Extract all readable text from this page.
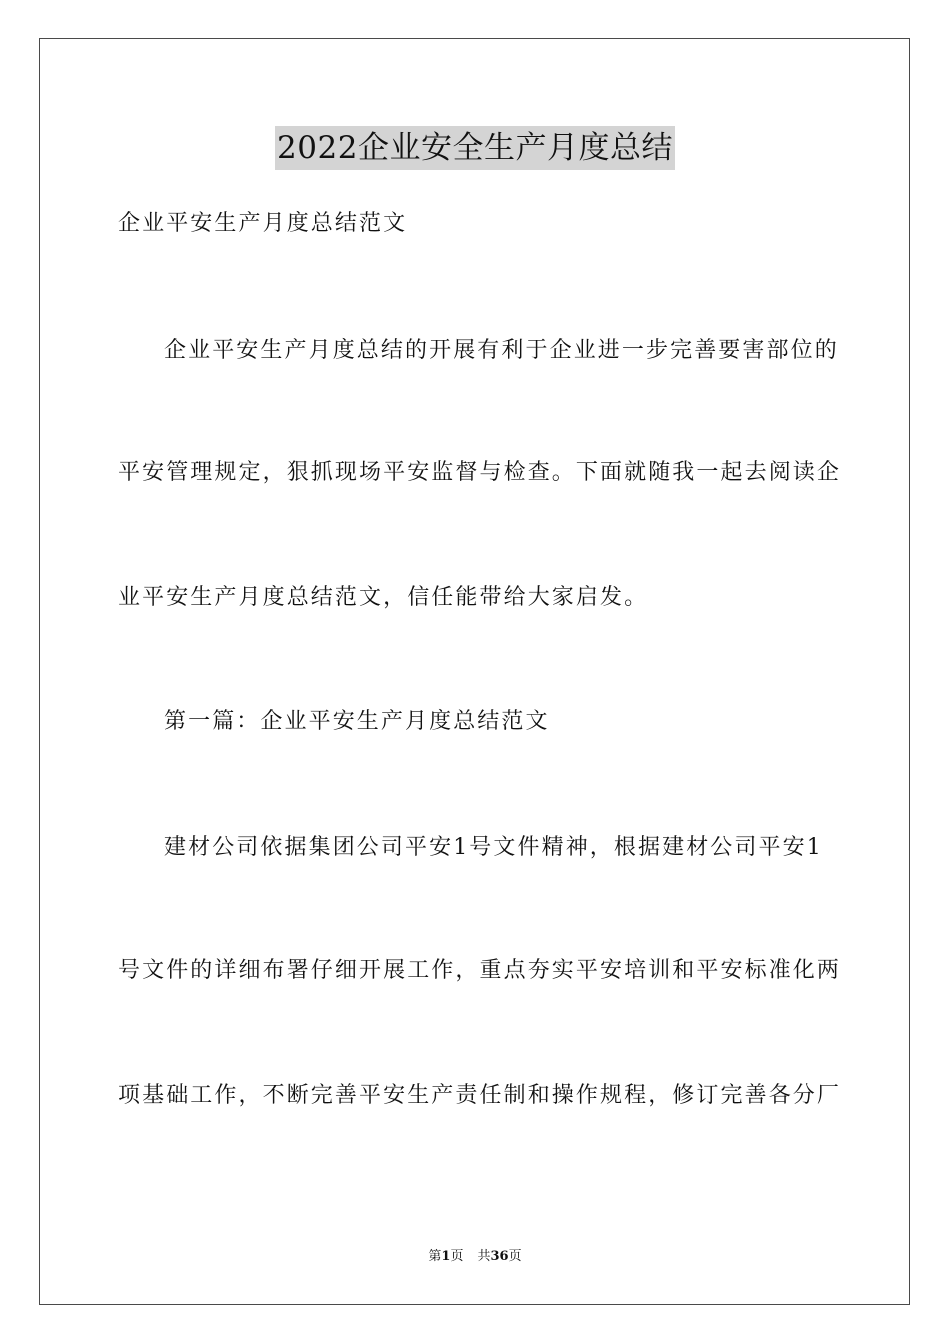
2022企业安全生产月度总结

企业平安生产月度总结范文

企业平安生产月度总结的开展有利于企业进一步完善要害部位的

平安管理规定，狠抓现场平安监督与检查。下面就随我一起去阅读企

业平安生产月度总结范文，信任能带给大家启发。

第一篇：企业平安生产月度总结范文

建材公司依据集团公司平安1号文件精神，根据建材公司平安1

号文件的详细布署仔细开展工作，重点夯实平安培训和平安标准化两

项基础工作，不断完善平安生产责任制和操作规程，修订完善各分厂

第1页 共36页
